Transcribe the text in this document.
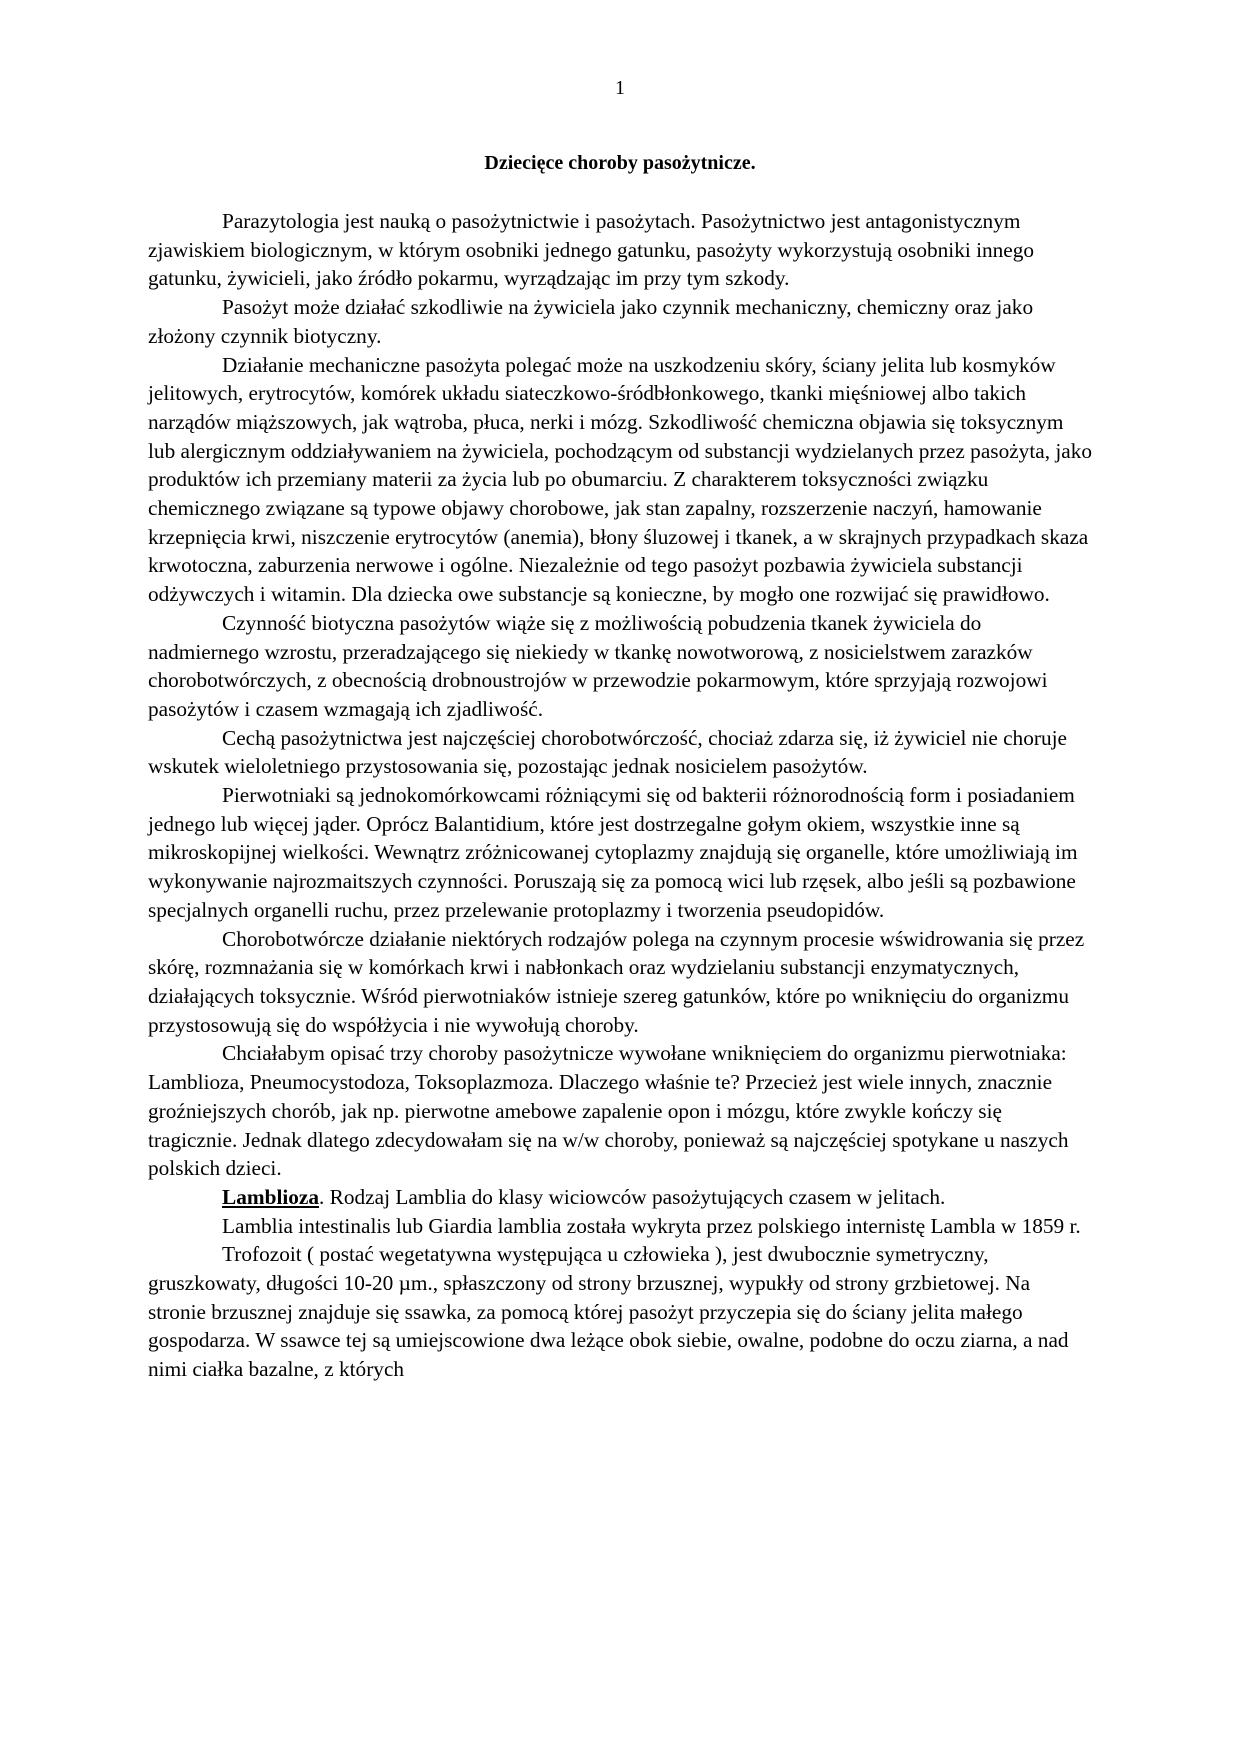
1
Dziecięce choroby pasożytnicze.

Parazytologia jest nauką o pasożytnictwie i pasożytach. Pasożytnictwo jest antagonistycznym zjawiskiem biologicznym, w którym osobniki jednego gatunku, pasożyty wykorzystują osobniki innego gatunku, żywicieli, jako źródło pokarmu, wyrządzając im przy tym szkody.

Pasożyt może działać szkodliwie na żywiciela jako czynnik mechaniczny, chemiczny oraz jako złożony czynnik biotyczny.

Działanie mechaniczne pasożyta polegać może na uszkodzeniu skóry, ściany jelita lub kosmyków jelitowych, erytrocytów, komórek układu siateczkowo-śródbłonkowego, tkanki mięśniowej albo takich narządów miąższowych, jak wątroba, płuca, nerki i mózg. Szkodliwość chemiczna objawia się toksycznym lub alergicznym oddziaływaniem na żywiciela, pochodzącym od substancji wydzielanych przez pasożyta, jako produktów ich przemiany materii za życia lub po obumarciu. Z charakterem toksyczności związku chemicznego związane są typowe objawy chorobowe, jak stan zapalny, rozszerzenie naczyń, hamowanie krzepnięcia krwi, niszczenie erytrocytów (anemia), błony śluzowej i tkanek, a w skrajnych przypadkach skaza krwotoczna, zaburzenia nerwowe i ogólne. Niezależnie od tego pasożyt pozbawia żywiciela substancji odżywczych i witamin. Dla dziecka owe substancje są konieczne, by mogło one rozwijać się prawidłowo.

Czynność biotyczna pasożytów wiąże się z możliwością pobudzenia tkanek żywiciela do nadmiernego wzrostu, przeradzającego się niekiedy w tkankę nowotworową, z nosicielstwem zarazków chorobotwórczych, z obecnością drobnoustrojów w przewodzie pokarmowym, które sprzyjają rozwojowi pasożytów i czasem wzmagają ich zjadliwość.

Cechą pasożytnictwa jest najczęściej chorobotwórczość, chociaż zdarza się, iż żywiciel nie choruje wskutek wieloletniego przystosowania się, pozostając jednak nosicielem pasożytów.

Pierwotniaki są jednokomórkowcami różniącymi się od bakterii różnorodnością form i posiadaniem jednego lub więcej jąder. Oprócz Balantidium, które jest dostrzegalne gołym okiem, wszystkie inne są mikroskopijnej wielkości. Wewnątrz zróżnicowanej cytoplazmy znajdują się organelle, które umożliwiają im wykonywanie najrozmaitszych czynności. Poruszają się za pomocą wici lub rzęsek, albo jeśli są pozbawione specjalnych organelli ruchu, przez przelewanie protoplazmy i tworzenia pseudopidów.

Chorobotwórcze działanie niektórych rodzajów polega na czynnym procesie wświdrowania się przez skórę, rozmnażania się w komórkach krwi i nabłonkach oraz wydzielaniu substancji enzymatycznych, działających toksycznie. Wśród pierwotniaków istnieje szereg gatunków, które po wniknięciu do organizmu przystosowują się do współżycia i nie wywołują choroby.

Chciałabym opisać trzy choroby pasożytnicze wywołane wniknięciem do organizmu pierwotniaka: Lamblioza, Pneumocystodoza, Toksoplazmoza. Dlaczego właśnie te? Przecież jest wiele innych, znacznie groźniejszych chorób, jak np. pierwotne amebowe zapalenie opon i mózgu, które zwykle kończy się tragicznie. Jednak dlatego zdecydowałam się na w/w choroby, ponieważ są najczęściej spotykane u naszych polskich dzieci.

Lamblioza. Rodzaj Lamblia do klasy wiciowców pasożytujących czasem w jelitach.

Lamblia intestinalis lub Giardia lamblia została wykryta przez polskiego internistę Lambla w 1859 r.

Trofozoit ( postać wegetatywna występująca u człowieka ), jest dwubocznie symetryczny, gruszkowaty, długości 10-20 µm., spłaszczony od strony brzusznej, wypukły od strony grzbietowej. Na stronie brzusznej znajduje się ssawka, za pomocą której pasożyt przyczepia się do ściany jelita małego gospodarza. W ssawce tej są umiejscowione dwa leżące obok siebie, owalne, podobne do oczu ziarna, a nad nimi ciałka bazalne, z których
